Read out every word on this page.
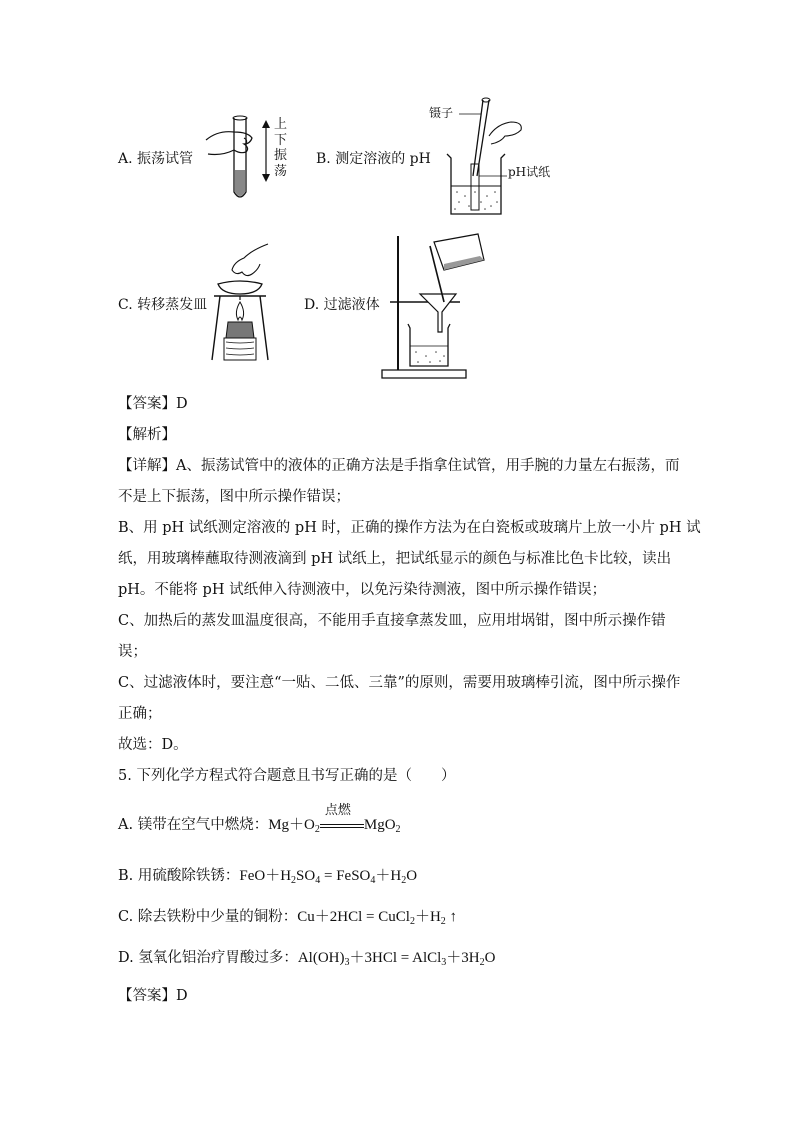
A. 振荡试管
上
下
振
荡
B. 测定溶液的 pH
镊子
pH试纸
C. 转移蒸发皿	D. 过滤液体
【答案】D
【解析】
【详解】A、振荡试管中的液体的正确方法是手指拿住试管，用手腕的力量左右振荡，而
不是上下振荡，图中所示操作错误；
B、用 pH 试纸测定溶液的 pH 时，正确的操作方法为在白瓷板或玻璃片上放一小片 pH 试
纸，用玻璃棒蘸取待测液滴到 pH 试纸上，把试纸显示的颜色与标准比色卡比较，读出
pH。不能将 pH 试纸伸入待测液中，以免污染待测液，图中所示操作错误；
C、加热后的蒸发皿温度很高，不能用手直接拿蒸发皿，应用坩埚钳，图中所示操作错
误；
C、过滤液体时，要注意“一贴、二低、三靠”的原则，需要用玻璃棒引流，图中所示操作
正确；
故选：D。
5. 下列化学方程式符合题意且书写正确的是（　　）
A. 镁带在空气中燃烧：$Mg+O_2$
点燃
MgO$_2$
B. 用硫酸除铁锈：$FeO+H_2SO_4$ = $FeSO_4+H_2O$
C. 除去铁粉中少量的铜粉：$Cu+2HCl = CuCl_2+H_2$ ↑
D. 氢氧化铝治疗胃酸过多：$Al(OH)_3+3HCl$ = $AlCl_3+3H_2O$
【答案】D
